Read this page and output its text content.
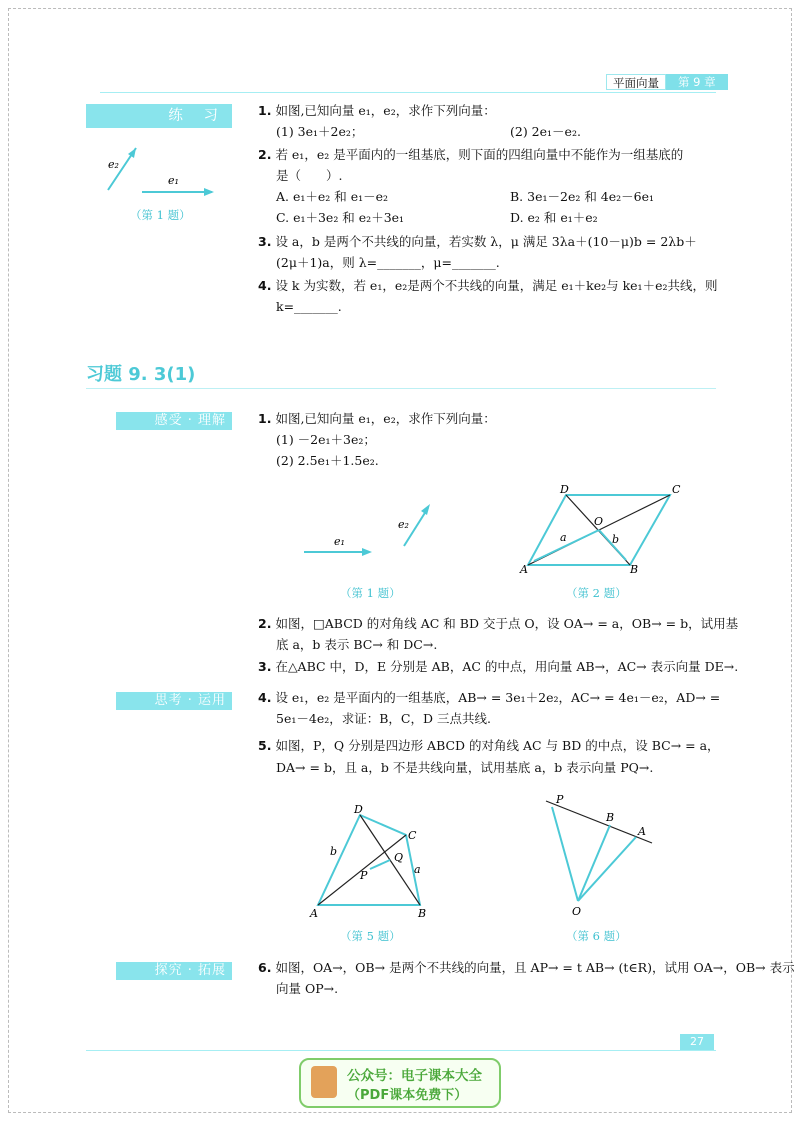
平面向量	第 9 章
练 习
e₂
e₁
（第 1 题）
1. 如图,已知向量 e₁，e₂，求作下列向量：
(1) 3e₁＋2e₂；	(2) 2e₁－e₂.
2. 若 e₁，e₂ 是平面内的一组基底，则下面的四组向量中不能作为一组基底的
是（　　）.
A. e₁＋e₂ 和 e₁－e₂	B. 3e₁－2e₂ 和 4e₂－6e₁
C. e₁＋3e₂ 和 e₂＋3e₁	D. e₂ 和 e₁＋e₂
3. 设 a，b 是两个不共线的向量，若实数 λ，μ 满足 3λa＋(10－μ)b = 2λb＋
(2μ＋1)a，则 λ=_______，μ=_______.
4. 设 k 为实数，若 e₁，e₂是两个不共线的向量，满足 e₁＋ke₂与 ke₁＋e₂共线，则
k=_______.
习题 9. 3(1)
感受 · 理解	1. 如图,已知向量 e₁，e₂，求作下列向量：
(1) －2e₁＋3e₂；
(2) 2.5e₁＋1.5e₂.
e₁
e₂
（第 1 题）
D	C
A	B
O
a	b
（第 2 题）
2. 如图，□ABCD 的对角线 AC 和 BD 交于点 O，设 OA→ = a，OB→ = b，试用基
底 a，b 表示 BC→ 和 DC→.
3. 在△ABC 中，D，E 分别是 AB，AC 的中点，用向量 AB→，AC→ 表示向量 DE→.
思考 · 运用	4. 设 e₁，e₂ 是平面内的一组基底，AB→ = 3e₁＋2e₂，AC→ = 4e₁－e₂，AD→ =
5e₁－4e₂，求证：B，C，D 三点共线.
5. 如图，P，Q 分别是四边形 ABCD 的对角线 AC 与 BD 的中点，设 BC→ = a，
DA→ = b，且 a，b 不是共线向量，试用基底 a，b 表示向量 PQ→.
D
C
A	B
P
Q
b
a
（第 5 题）
P
B
A
O
（第 6 题）
探究 · 拓展	6. 如图，OA→，OB→ 是两个不共线的向量，且 AP→ = t AB→ (t∈R)，试用 OA→，OB→ 表示
向量 OP→.
27
公众号：电子课本大全
（PDF课本免费下）
